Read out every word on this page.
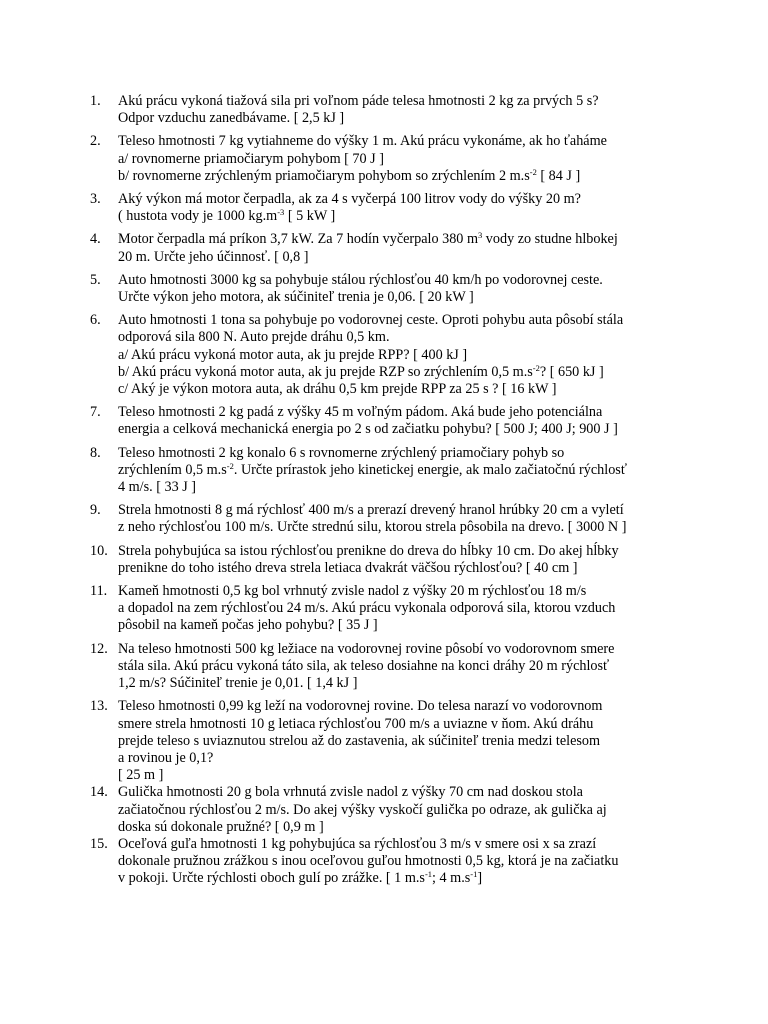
1. Akú prácu vykoná tiažová sila pri voľnom páde telesa hmotnosti 2 kg za prvých 5 s?
Odpor vzduchu zanedbávame. [ 2,5 kJ ]
2. Teleso hmotnosti 7 kg vytiahneme do výšky 1 m. Akú prácu vykonáme, ak ho ťaháme
a/ rovnomerne priamočiarym pohybom [ 70 J ]
b/ rovnomerne zrýchleným priamočiarym pohybom so zrýchlením 2 $m.s^{-2}$ [ 84 J ]
3. Aký výkon má motor čerpadla, ak za 4 s vyčerpá 100 litrov vody do výšky 20 m?
( hustota vody je 1000 $kg.m^{-3}$ [ 5 kW ]
4. Motor čerpadla má príkon 3,7 kW. Za 7 hodín vyčerpalo 380 $m^3$ vody zo studne hlbokej
20 m. Určte jeho účinnosť. [ 0,8 ]
5. Auto hmotnosti 3000 kg sa pohybuje stálou rýchlosťou 40 km/h po vodorovnej ceste.
Určte výkon jeho motora, ak súčiniteľ trenia je 0,06. [ 20 kW ]
6. Auto hmotnosti 1 tona sa pohybuje po vodorovnej ceste. Oproti pohybu auta pôsobí stála
odporová sila 800 N. Auto prejde dráhu 0,5 km.
a/ Akú prácu vykoná motor auta, ak ju prejde RPP? [ 400 kJ ]
b/ Akú prácu vykoná motor auta, ak ju prejde RZP so zrýchlením 0,5 $m.s^{-2}$? [ 650 kJ ]
c/ Aký je výkon motora auta, ak dráhu 0,5 km prejde RPP za 25 s ? [ 16 kW ]
7. Teleso hmotnosti 2 kg padá z výšky 45 m voľným pádom. Aká bude jeho potenciálna
energia a celková mechanická energia po 2 s od začiatku pohybu? [ 500 J; 400 J; 900 J ]
8. Teleso hmotnosti 2 kg konalo 6 s rovnomerne zrýchlený priamočiary pohyb so
zrýchlením 0,5 $m.s^{-2}$. Určte prírastok jeho kinetickej energie, ak malo začiatočnú rýchlosť
4 m/s. [ 33 J ]
9. Strela hmotnosti 8 g má rýchlosť 400 m/s a prerazí drevený hranol hrúbky 20 cm a vyletí
z neho rýchlosťou 100 m/s. Určte strednú silu, ktorou strela pôsobila na drevo. [ 3000 N ]
10. Strela pohybujúca sa istou rýchlosťou prenikne do dreva do hĺbky 10 cm. Do akej hĺbky
prenikne do toho istého dreva strela letiaca dvakrát väčšou rýchlosťou? [ 40 cm ]
11. Kameň hmotnosti 0,5 kg bol vrhnutý zvisle nadol z výšky 20 m rýchlosťou 18 m/s
a dopadol na zem rýchlosťou 24 m/s. Akú prácu vykonala odporová sila, ktorou vzduch
pôsobil na kameň počas jeho pohybu? [ 35 J ]
12. Na teleso hmotnosti 500 kg ležiace na vodorovnej rovine pôsobí vo vodorovnom smere
stála sila. Akú prácu vykoná táto sila, ak teleso dosiahne na konci dráhy 20 m rýchlosť
1,2 m/s? Súčiniteľ trenie je 0,01. [ 1,4 kJ ]
13. Teleso hmotnosti 0,99 kg leží na vodorovnej rovine. Do telesa narazí vo vodorovnom
smere strela hmotnosti 10 g letiaca rýchlosťou 700 m/s a uviazne v ňom. Akú dráhu
prejde teleso s uviaznutou strelou až do zastavenia, ak súčiniteľ trenia medzi telesom
a rovinou je 0,1?
[ 25 m ]
14. Gulička hmotnosti 20 g bola vrhnutá zvisle nadol z výšky 70 cm nad doskou stola
začiatočnou rýchlosťou 2 m/s. Do akej výšky vyskočí gulička po odraze, ak gulička aj
doska sú dokonale pružné? [ 0,9 m ]
15. Oceľová guľa hmotnosti 1 kg pohybujúca sa rýchlosťou 3 m/s v smere osi x sa zrazí
dokonale pružnou zrážkou s inou oceľovou guľou hmotnosti 0,5 kg, ktorá je na začiatku
v pokoji. Určte rýchlosti oboch gulí po zrážke. [ 1 $m.s^{-1}$; 4 $m.s^{-1}$]
